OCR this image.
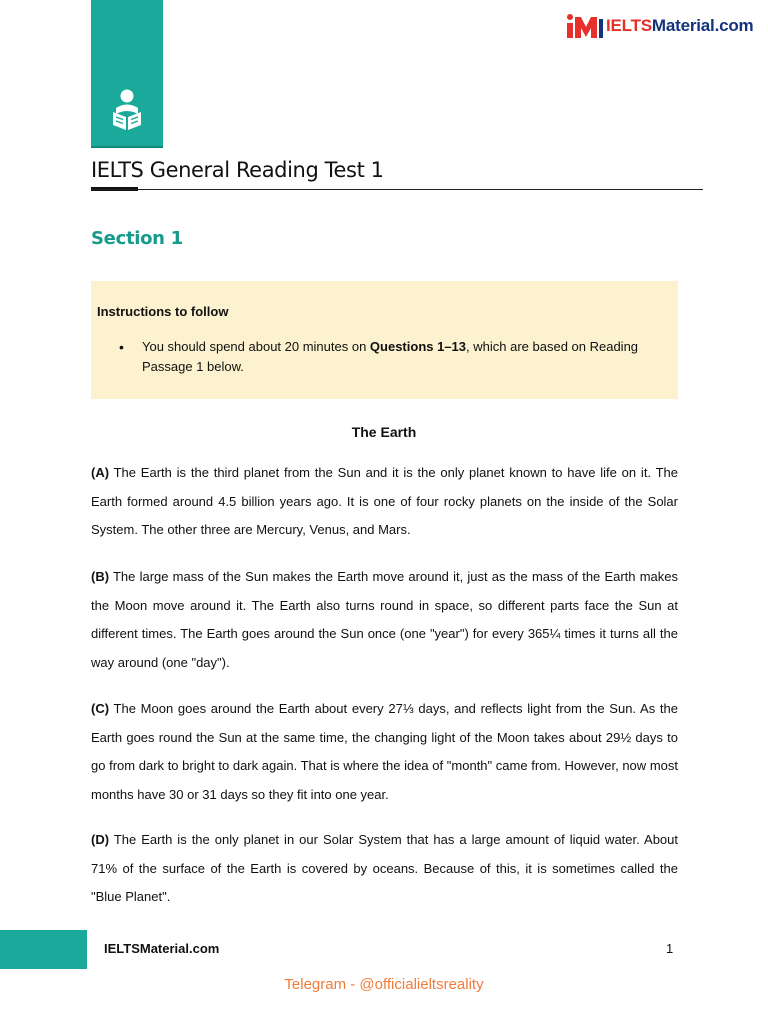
IELTSMaterial.com
IELTS General Reading Test 1
Section 1
Instructions to follow
• You should spend about 20 minutes on Questions 1–13, which are based on Reading Passage 1 below.
The Earth

(A) The Earth is the third planet from the Sun and it is the only planet known to have life on it. The Earth formed around 4.5 billion years ago. It is one of four rocky planets on the inside of the Solar System. The other three are Mercury, Venus, and Mars.

(B) The large mass of the Sun makes the Earth move around it, just as the mass of the Earth makes the Moon move around it. The Earth also turns round in space, so different parts face the Sun at different times. The Earth goes around the Sun once (one "year") for every 365¼ times it turns all the way around (one "day").

(C) The Moon goes around the Earth about every 27⅓ days, and reflects light from the Sun. As the Earth goes round the Sun at the same time, the changing light of the Moon takes about 29½ days to go from dark to bright to dark again. That is where the idea of "month" came from. However, now most months have 30 or 31 days so they fit into one year.

(D) The Earth is the only planet in our Solar System that has a large amount of liquid water. About 71% of the surface of the Earth is covered by oceans. Because of this, it is sometimes called the "Blue Planet".

IELTSMaterial.com	1
Telegram - @officialieltsreality
